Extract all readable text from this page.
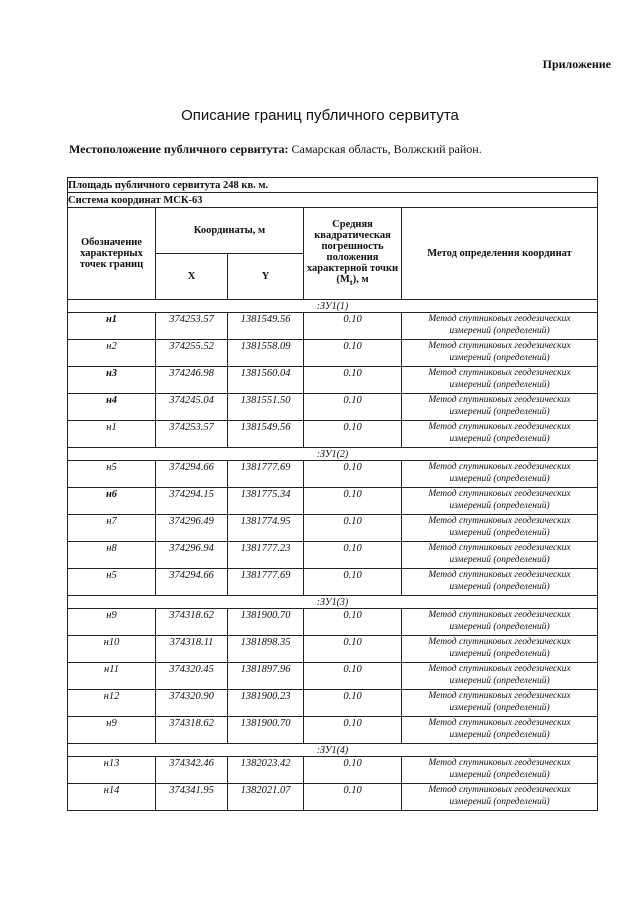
Приложение
Описание границ публичного сервитута
Местоположение публичного сервитута: Самарская область, Волжский район.
Площадь публичного сервитута 248 кв. м.				
Система координат МСК-63				
Обозначение характерных точек границ	Координаты, м		Средняя квадратическая погрешность положения характерной точки $(M_t)$, м	Метод определения координат
	X	Y		
:ЗУ1(1)				
н1	374253.57	1381549.56	0.10	Метод спутниковых геодезических
измерений (определений)

н2	374255.52	1381558.09	0.10	Метод спутниковых геодезических
измерений (определений)

н3	374246.98	1381560.04	0.10	Метод спутниковых геодезических
измерений (определений)

н4	374245.04	1381551.50	0.10	Метод спутниковых геодезических
измерений (определений)

н1	374253.57	1381549.56	0.10	Метод спутниковых геодезических
измерений (определений)

:ЗУ1(2)				
н5	374294.66	1381777.69	0.10	Метод спутниковых геодезических
измерений (определений)

н6	374294.15	1381775.34	0.10	Метод спутниковых геодезических
измерений (определений)

н7	374296.49	1381774.95	0.10	Метод спутниковых геодезических
измерений (определений)

н8	374296.94	1381777.23	0.10	Метод спутниковых геодезических
измерений (определений)

н5	374294.66	1381777.69	0.10	Метод спутниковых геодезических
измерений (определений)

:ЗУ1(3)				
н9	374318.62	1381900.70	0.10	Метод спутниковых геодезических
измерений (определений)

н10	374318.11	1381898.35	0.10	Метод спутниковых геодезических
измерений (определений)

н11	374320.45	1381897.96	0.10	Метод спутниковых геодезических
измерений (определений)

н12	374320.90	1381900.23	0.10	Метод спутниковых геодезических
измерений (определений)

н9	374318.62	1381900.70	0.10	Метод спутниковых геодезических
измерений (определений)

:ЗУ1(4)				
н13	374342.46	1382023.42	0.10	Метод спутниковых геодезических
измерений (определений)

н14	374341.95	1382021.07	0.10	Метод спутниковых геодезических
измерений (определений)
